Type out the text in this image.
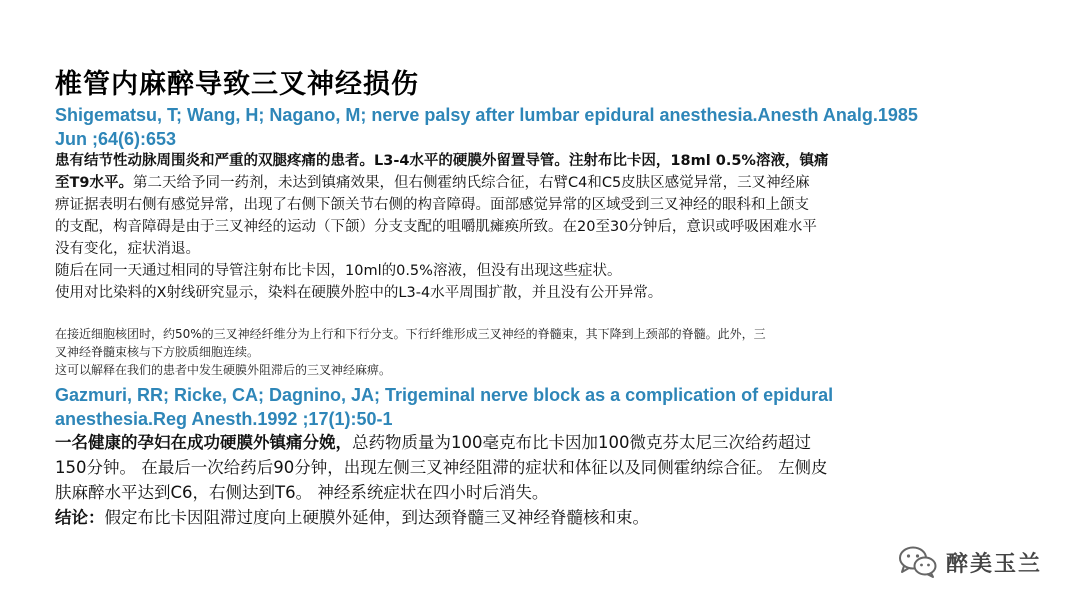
椎管内麻醉导致三叉神经损伤
Shigematsu, T; Wang, H; Nagano, M; nerve palsy after lumbar epidural anesthesia.Anesth Analg.1985
Jun ;64(6):653
患有结节性动脉周围炎和严重的双腿疼痛的患者。L3-4水平的硬膜外留置导管。注射布比卡因，18ml 0.5%溶液，镇痛
至T9水平。第二天给予同一药剂，未达到镇痛效果，但右侧霍纳氏综合征，右臂C4和C5皮肤区感觉异常，三叉神经麻
痹证据表明右侧有感觉异常，出现了右侧下颌关节右侧的构音障碍。面部感觉异常的区域受到三叉神经的眼科和上颌支
的支配，构音障碍是由于三叉神经的运动（下颌）分支支配的咀嚼肌瘫痪所致。在20至30分钟后，意识或呼吸困难水平
没有变化，症状消退。
随后在同一天通过相同的导管注射布比卡因，10ml的0.5%溶液，但没有出现这些症状。
使用对比染料的X射线研究显示，染料在硬膜外腔中的L3-4水平周围扩散，并且没有公开异常。
在接近细胞核团时，约50%的三叉神经纤维分为上行和下行分支。下行纤维形成三叉神经的脊髓束，其下降到上颈部的脊髓。此外，三
叉神经脊髓束核与下方胶质细胞连续。
这可以解释在我们的患者中发生硬膜外阻滞后的三叉神经麻痹。
Gazmuri, RR; Ricke, CA; Dagnino, JA; Trigeminal nerve block as a complication of epidural
anesthesia.Reg Anesth.1992 ;17(1):50-1
一名健康的孕妇在成功硬膜外镇痛分娩，总药物质量为100毫克布比卡因加100微克芬太尼三次给药超过
150分钟。 在最后一次给药后90分钟，出现左侧三叉神经阻滞的症状和体征以及同侧霍纳综合征。 左侧皮
肤麻醉水平达到C6，右侧达到T6。 神经系统症状在四小时后消失。
结论：假定布比卡因阻滞过度向上硬膜外延伸，到达颈脊髓三叉神经脊髓核和束。
醉美玉兰
